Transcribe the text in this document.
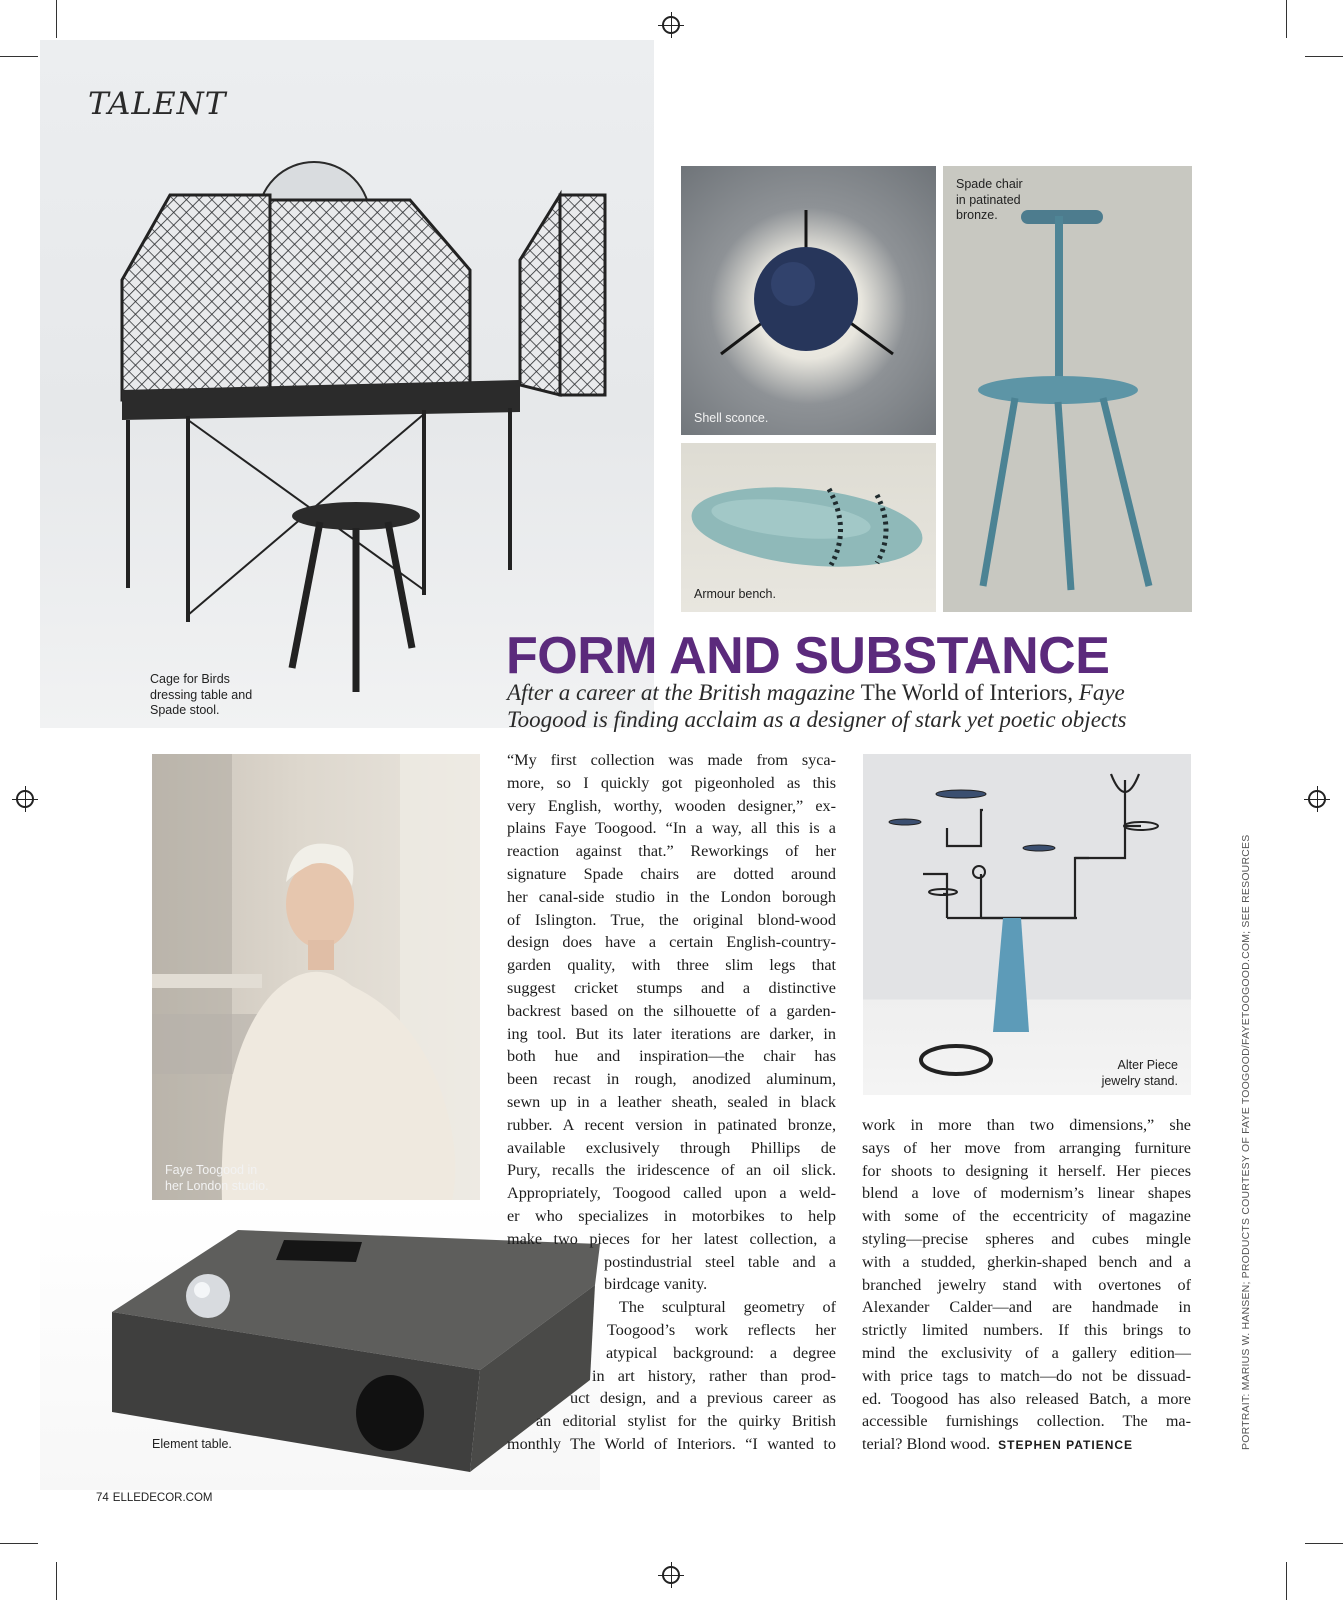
TALENT
Cage for Birds
dressing table and
Spade stool.
Shell sconce.
Spade chair
in patinated
bronze.
Armour bench.
FORM AND SUBSTANCE
After a career at the British magazine The World of Interiors, Faye
Toogood is finding acclaim as a designer of stark yet poetic objects
Faye Toogood in
her London studio.
Element table.
Alter Piece
jewelry stand.
“My first collection was made from syca-
more, so I quickly got pigeonholed as this
very English, worthy, wooden designer,” ex-
plains Faye Toogood. “In a way, all this is a
reaction against that.” Reworkings of her
signature Spade chairs are dotted around
her canal-side studio in the London borough
of Islington. True, the original blond-wood
design does have a certain English-country-
garden quality, with three slim legs that
suggest cricket stumps and a distinctive
backrest based on the silhouette of a garden-
ing tool. But its later iterations are darker, in
both hue and inspiration—the chair has
been recast in rough, anodized aluminum,
sewn up in a leather sheath, sealed in black
rubber. A recent version in patinated bronze,
available exclusively through Phillips de
Pury, recalls the iridescence of an oil slick.
Appropriately, Toogood called upon a weld-
er who specializes in motorbikes to help
make two pieces for her latest collection, a
postindustrial steel table and a
birdcage vanity.
The sculptural geometry of
Toogood’s work reflects her
atypical background: a degree
in art history, rather than prod-
uct design, and a previous career as
an editorial stylist for the quirky British
monthly The World of Interiors. “I wanted to
work in more than two dimensions,” she
says of her move from arranging furniture
for shoots to designing it herself. Her pieces
blend a love of modernism’s linear shapes
with some of the eccentricity of magazine
styling—precise spheres and cubes mingle
with a studded, gherkin-shaped bench and a
branched jewelry stand with overtones of
Alexander Calder—and are handmade in
strictly limited numbers. If this brings to
mind the exclusivity of a gallery edition—
with price tags to match—do not be dissuad-
ed. Toogood has also released Batch, a more
accessible furnishings collection. The ma-
terial? Blond wood. STEPHEN PATIENCE
74 ELLEDECOR.COM
PORTRAIT: MARIUS W. HANSEN; PRODUCTS COURTESY OF FAYE TOOGOOD/FAYETOOGOOD.COM; SEE RESOURCES
